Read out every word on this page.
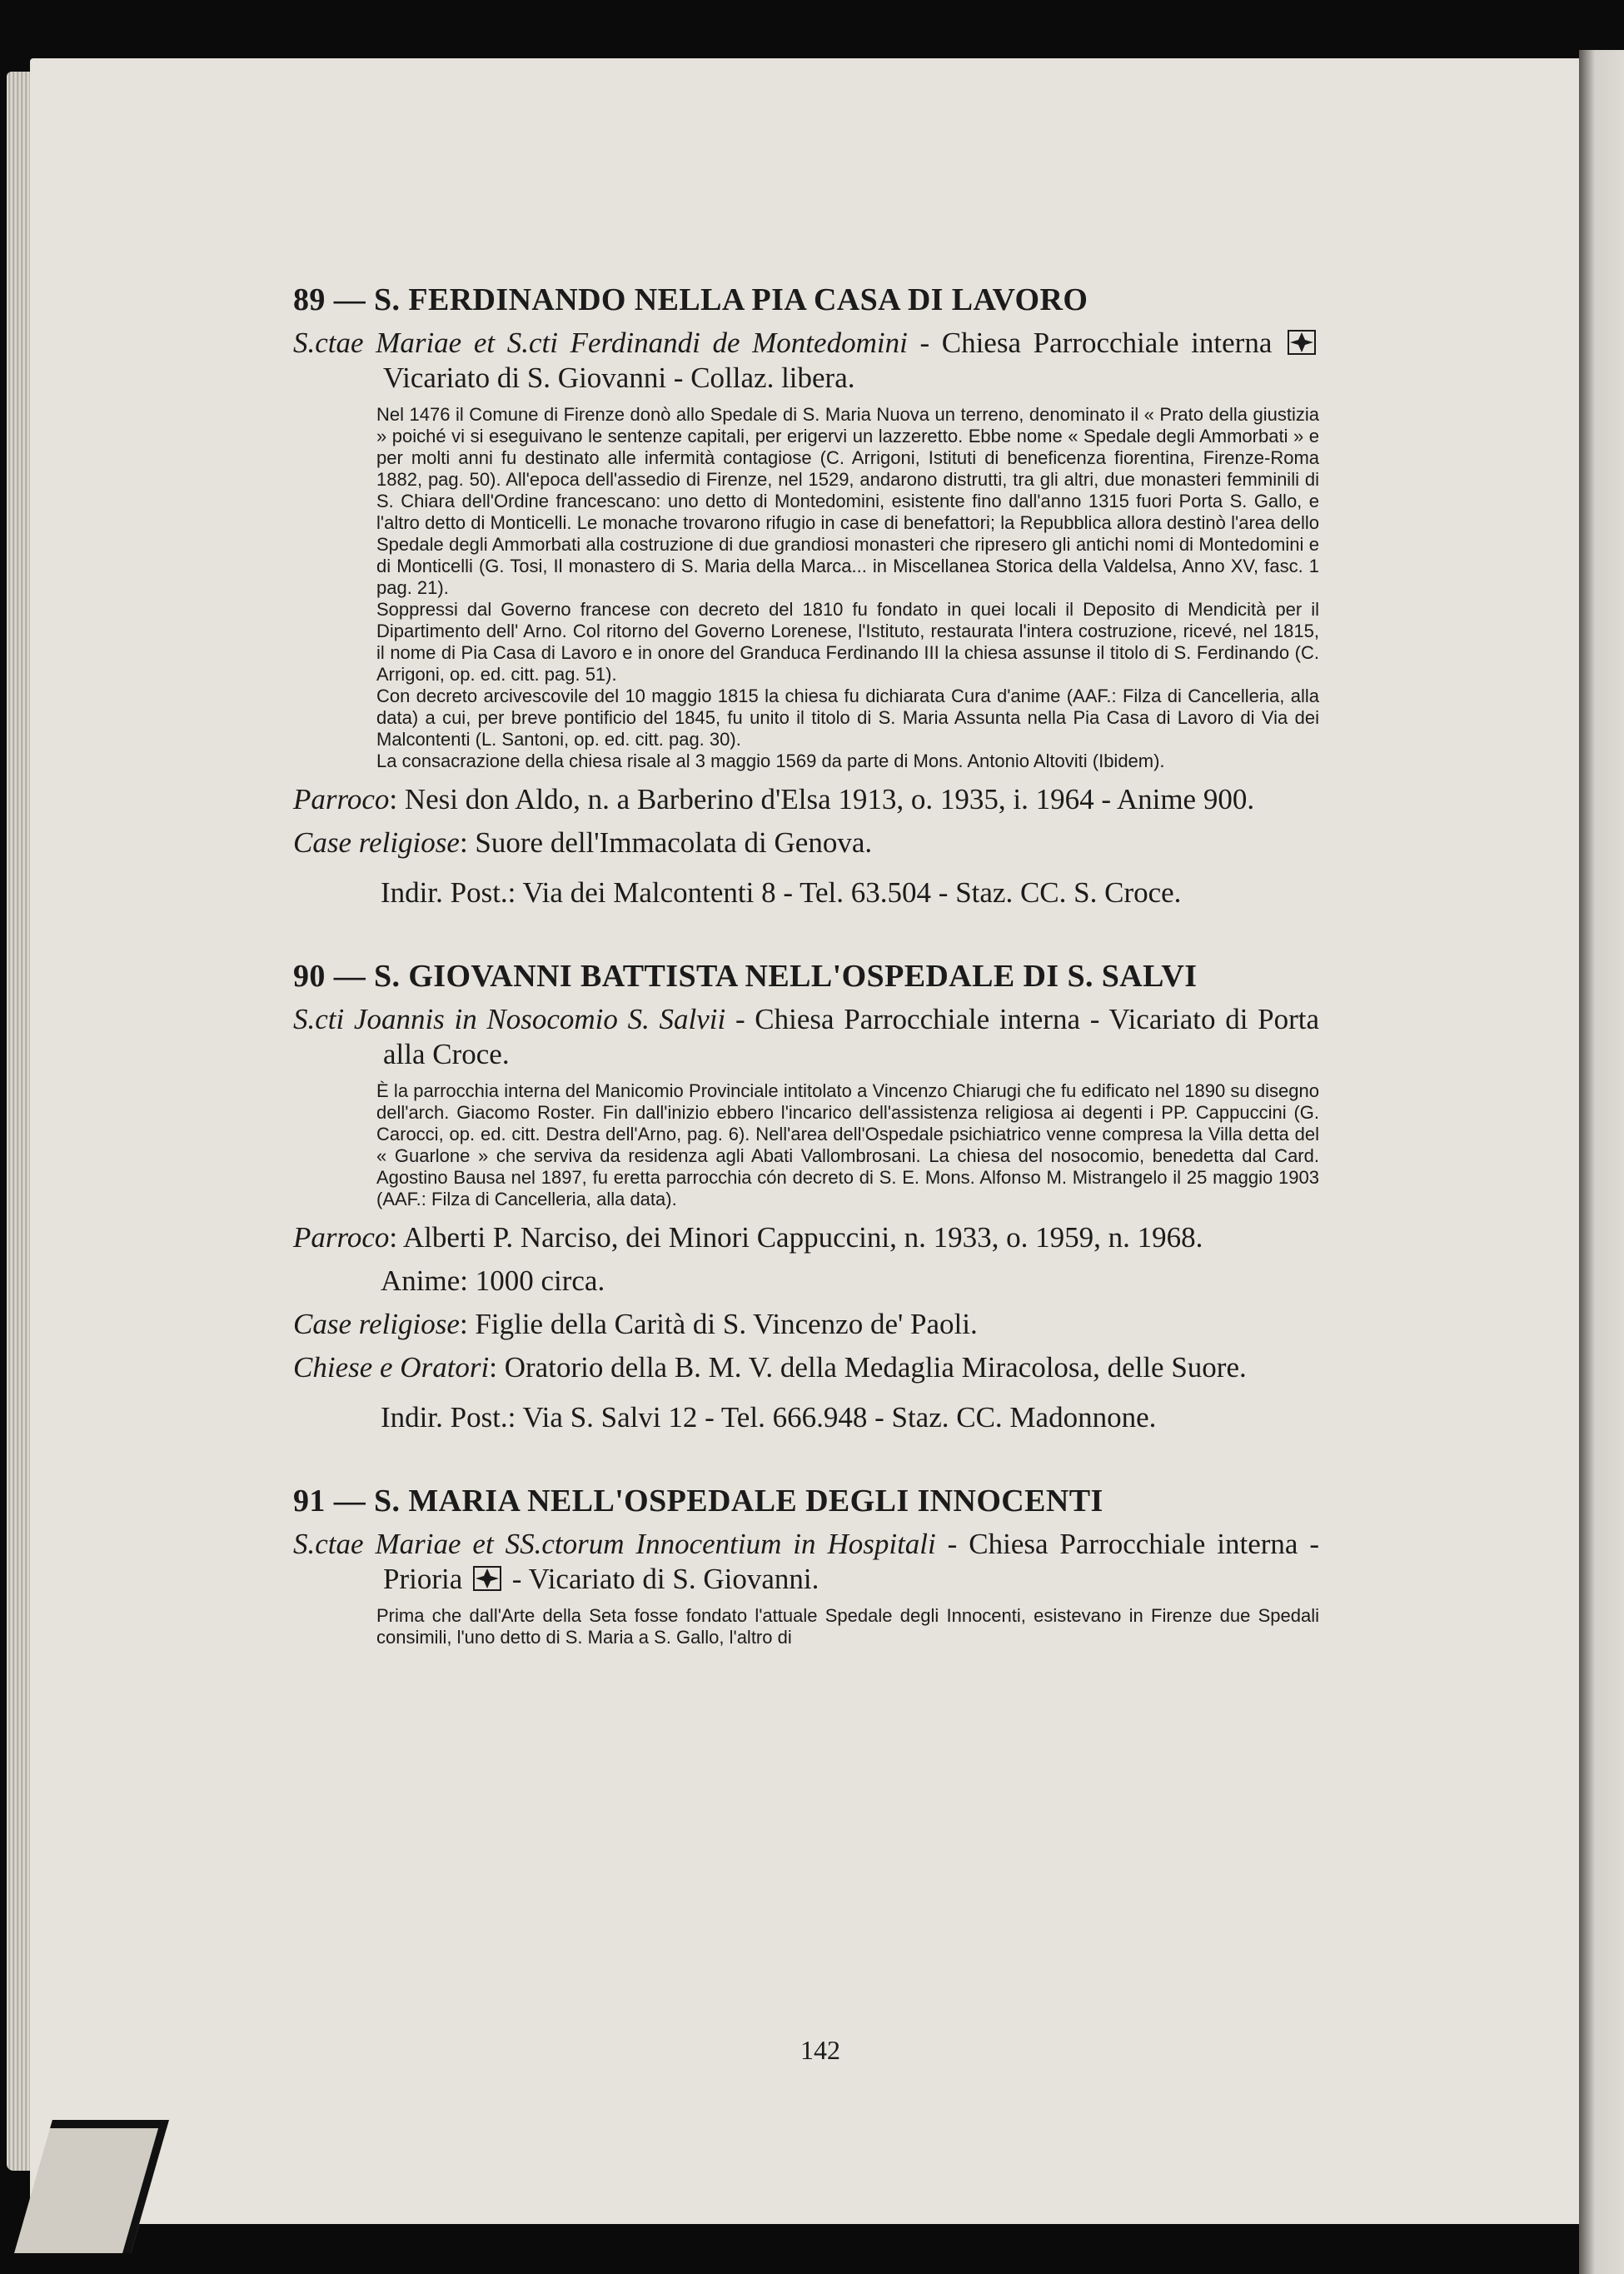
89 — S. FERDINANDO NELLA PIA CASA DI LAVORO

S.ctae Mariae et S.cti Ferdinandi de Montedomini - Chiesa Parrocchiale interna  Vicariato di S. Giovanni - Collaz. libera.

Nel 1476 il Comune di Firenze donò allo Spedale di S. Maria Nuova un terreno, denominato il « Prato della giustizia » poiché vi si eseguivano le sentenze capitali, per erigervi un lazzeretto. Ebbe nome « Spedale degli Ammorbati » e per molti anni fu destinato alle infermità contagiose (C. Arrigoni, Istituti di beneficenza fiorentina, Firenze-Roma 1882, pag. 50). All'epoca dell'assedio di Firenze, nel 1529, andarono distrutti, tra gli altri, due monasteri femminili di S. Chiara dell'Ordine francescano: uno detto di Montedomini, esistente fino dall'anno 1315 fuori Porta S. Gallo, e l'altro detto di Monticelli. Le monache trovarono rifugio in case di benefattori; la Repubblica allora destinò l'area dello Spedale degli Ammorbati alla costruzione di due grandiosi monasteri che ripresero gli antichi nomi di Montedomini e di Monticelli (G. Tosi, Il monastero di S. Maria della Marca... in Miscellanea Storica della Valdelsa, Anno XV, fasc. 1 pag. 21).

Soppressi dal Governo francese con decreto del 1810 fu fondato in quei locali il Deposito di Mendicità per il Dipartimento dell' Arno. Col ritorno del Governo Lorenese, l'Istituto, restaurata l'intera costruzione, ricevé, nel 1815, il nome di Pia Casa di Lavoro e in onore del Granduca Ferdinando III la chiesa assunse il titolo di S. Ferdinando (C. Arrigoni, op. ed. citt. pag. 51).

Con decreto arcivescovile del 10 maggio 1815 la chiesa fu dichiarata Cura d'anime (AAF.: Filza di Cancelleria, alla data) a cui, per breve pontificio del 1845, fu unito il titolo di S. Maria Assunta nella Pia Casa di Lavoro di Via dei Malcontenti (L. Santoni, op. ed. citt. pag. 30).

La consacrazione della chiesa risale al 3 maggio 1569 da parte di Mons. Antonio Altoviti (Ibidem).

Parroco: Nesi don Aldo, n. a Barberino d'Elsa 1913, o. 1935, i. 1964 - Anime 900.

Case religiose: Suore dell'Immacolata di Genova.

Indir. Post.: Via dei Malcontenti 8 - Tel. 63.504 - Staz. CC. S. Croce.

90 — S. GIOVANNI BATTISTA NELL'OSPEDALE DI S. SALVI

S.cti Joannis in Nosocomio S. Salvii - Chiesa Parrocchiale interna - Vicariato di Porta alla Croce.

È la parrocchia interna del Manicomio Provinciale intitolato a Vincenzo Chiarugi che fu edificato nel 1890 su disegno dell'arch. Giacomo Roster. Fin dall'inizio ebbero l'incarico dell'assistenza religiosa ai degenti i PP. Cappuccini (G. Carocci, op. ed. citt. Destra dell'Arno, pag. 6). Nell'area dell'Ospedale psichiatrico venne compresa la Villa detta del « Guarlone » che serviva da residenza agli Abati Vallombrosani. La chiesa del nosocomio, benedetta dal Card. Agostino Bausa nel 1897, fu eretta parrocchia cón decreto di S. E. Mons. Alfonso M. Mistrangelo il 25 maggio 1903 (AAF.: Filza di Cancelleria, alla data).

Parroco: Alberti P. Narciso, dei Minori Cappuccini, n. 1933, o. 1959, n. 1968.

Anime: 1000 circa.

Case religiose: Figlie della Carità di S. Vincenzo de' Paoli.

Chiese e Oratori: Oratorio della B. M. V. della Medaglia Miracolosa, delle Suore.

Indir. Post.: Via S. Salvi 12 - Tel. 666.948 - Staz. CC. Madonnone.

91 — S. MARIA NELL'OSPEDALE DEGLI INNOCENTI

S.ctae Mariae et SS.ctorum Innocentium in Hospitali - Chiesa Parrocchiale interna - Prioria  - Vicariato di S. Giovanni.

Prima che dall'Arte della Seta fosse fondato l'attuale Spedale degli Innocenti, esistevano in Firenze due Spedali consimili, l'uno detto di S. Maria a S. Gallo, l'altro di

142
